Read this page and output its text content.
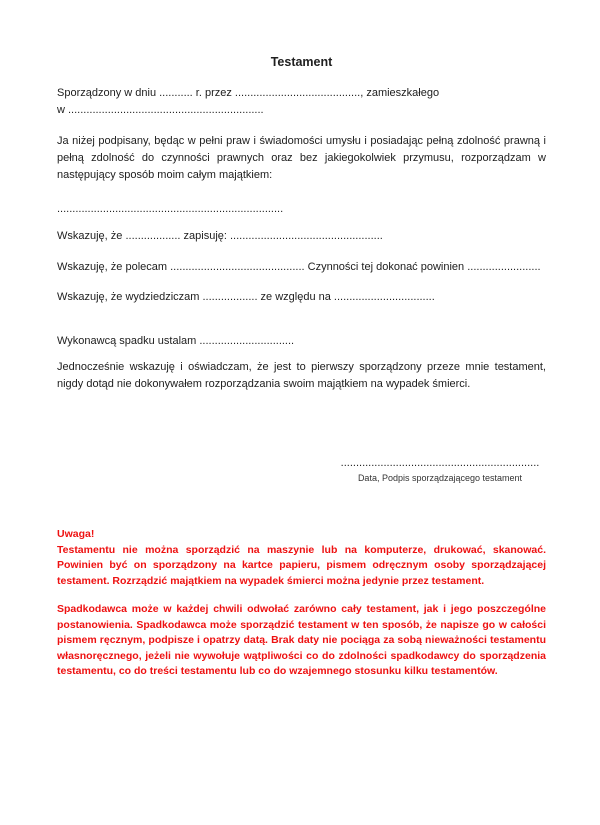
Testament
Sporządzony w dniu ........... r. przez ........................................., zamieszkałego
w ................................................................

Ja niżej podpisany, będąc w pełni praw i świadomości umysłu i posiadając pełną zdolność prawną i pełną zdolność do czynności prawnych oraz bez jakiegokolwiek przymusu, rozporządzam w następujący sposób moim całym majątkiem:

..........................................................................
Wskazuję, że .................. zapisuję: ..................................................
Wskazuję, że polecam ............................................ Czynności tej dokonać powinien ........................
Wskazuję, że wydziedziczam .................. ze względu na .................................
Wykonawcą spadku ustalam ...............................

Jednocześnie wskazuję i oświadczam, że jest to pierwszy sporządzony przeze mnie testament, nigdy dotąd nie dokonywałem rozporządzania swoim majątkiem na wypadek śmierci.

.................................................................
Data, Podpis sporządzającego testament

Uwaga!

Testamentu nie można sporządzić na maszynie lub na komputerze, drukować, skanować. Powinien być on sporządzony na kartce papieru, pismem odręcznym osoby sporządzającej testament. Rozrządzić majątkiem na wypadek śmierci można jedynie przez testament.

Spadkodawca może w każdej chwili odwołać zarówno cały testament, jak i jego poszczególne postanowienia. Spadkodawca może sporządzić testament w ten sposób, że napisze go w całości pismem ręcznym, podpisze i opatrzy datą. Brak daty nie pociąga za sobą nieważności testamentu własnoręcznego, jeżeli nie wywołuje wątpliwości co do zdolności spadkodawcy do sporządzenia testamentu, co do treści testamentu lub co do wzajemnego stosunku kilku testamentów.
